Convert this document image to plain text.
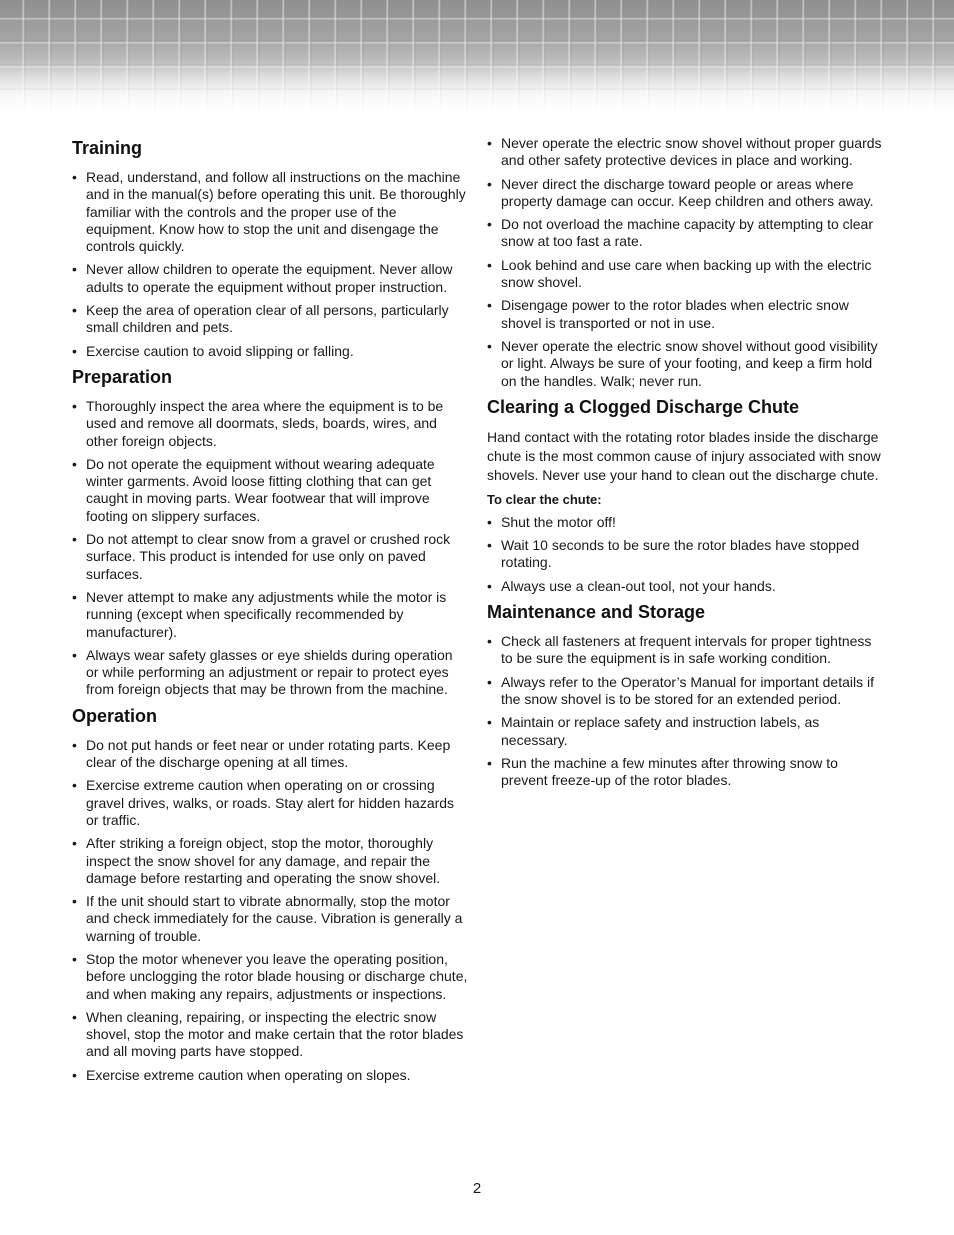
Training
• Read, understand, and follow all instructions on the machine and in the manual(s) before operating this unit. Be thoroughly familiar with the controls and the proper use of the equipment. Know how to stop the unit and disengage the controls quickly.
• Never allow children to operate the equipment. Never allow adults to operate the equipment without proper instruction.
• Keep the area of operation clear of all persons, particularly small children and pets.
• Exercise caution to avoid slipping or falling.
Preparation
• Thoroughly inspect the area where the equipment is to be used and remove all doormats, sleds, boards, wires, and other foreign objects.
• Do not operate the equipment without wearing adequate winter garments. Avoid loose fitting clothing that can get caught in moving parts. Wear footwear that will improve footing on slippery surfaces.
• Do not attempt to clear snow from a gravel or crushed rock surface. This product is intended for use only on paved surfaces.
• Never attempt to make any adjustments while the motor is running (except when specifically recommended by manufacturer).
• Always wear safety glasses or eye shields during operation or while performing an adjustment or repair to protect eyes from foreign objects that may be thrown from the machine.
Operation
• Do not put hands or feet near or under rotating parts. Keep clear of the discharge opening at all times.
• Exercise extreme caution when operating on or crossing gravel drives, walks, or roads. Stay alert for hidden hazards or traffic.
• After striking a foreign object, stop the motor, thoroughly inspect the snow shovel for any damage, and repair the damage before restarting and operating the snow shovel.
• If the unit should start to vibrate abnormally, stop the motor and check immediately for the cause. Vibration is generally a warning of trouble.
• Stop the motor whenever you leave the operating position, before unclogging the rotor blade housing or discharge chute, and when making any repairs, adjustments or inspections.
• When cleaning, repairing, or inspecting the electric snow shovel, stop the motor and make certain that the rotor blades and all moving parts have stopped.
• Exercise extreme caution when operating on slopes.
• Never operate the electric snow shovel without proper guards and other safety protective devices in place and working.
• Never direct the discharge toward people or areas where property damage can occur. Keep children and others away.
• Do not overload the machine capacity by attempting to clear snow at too fast a rate.
• Look behind and use care when backing up with the electric snow shovel.
• Disengage power to the rotor blades when electric snow shovel is transported or not in use.
• Never operate the electric snow shovel without good visibility or light. Always be sure of your footing, and keep a firm hold on the handles. Walk; never run.
Clearing a Clogged Discharge Chute

Hand contact with the rotating rotor blades inside the discharge chute is the most common cause of injury associated with snow shovels. Never use your hand to clean out the discharge chute.

To clear the chute:

• Shut the motor off!
• Wait 10 seconds to be sure the rotor blades have stopped rotating.
• Always use a clean-out tool, not your hands.
Maintenance and Storage
• Check all fasteners at frequent intervals for proper tightness to be sure the equipment is in safe working condition.
• Always refer to the Operator’s Manual for important details if the snow shovel is to be stored for an extended period.
• Maintain or replace safety and instruction labels, as necessary.
• Run the machine a few minutes after throwing snow to prevent freeze-up of the rotor blades.
2
